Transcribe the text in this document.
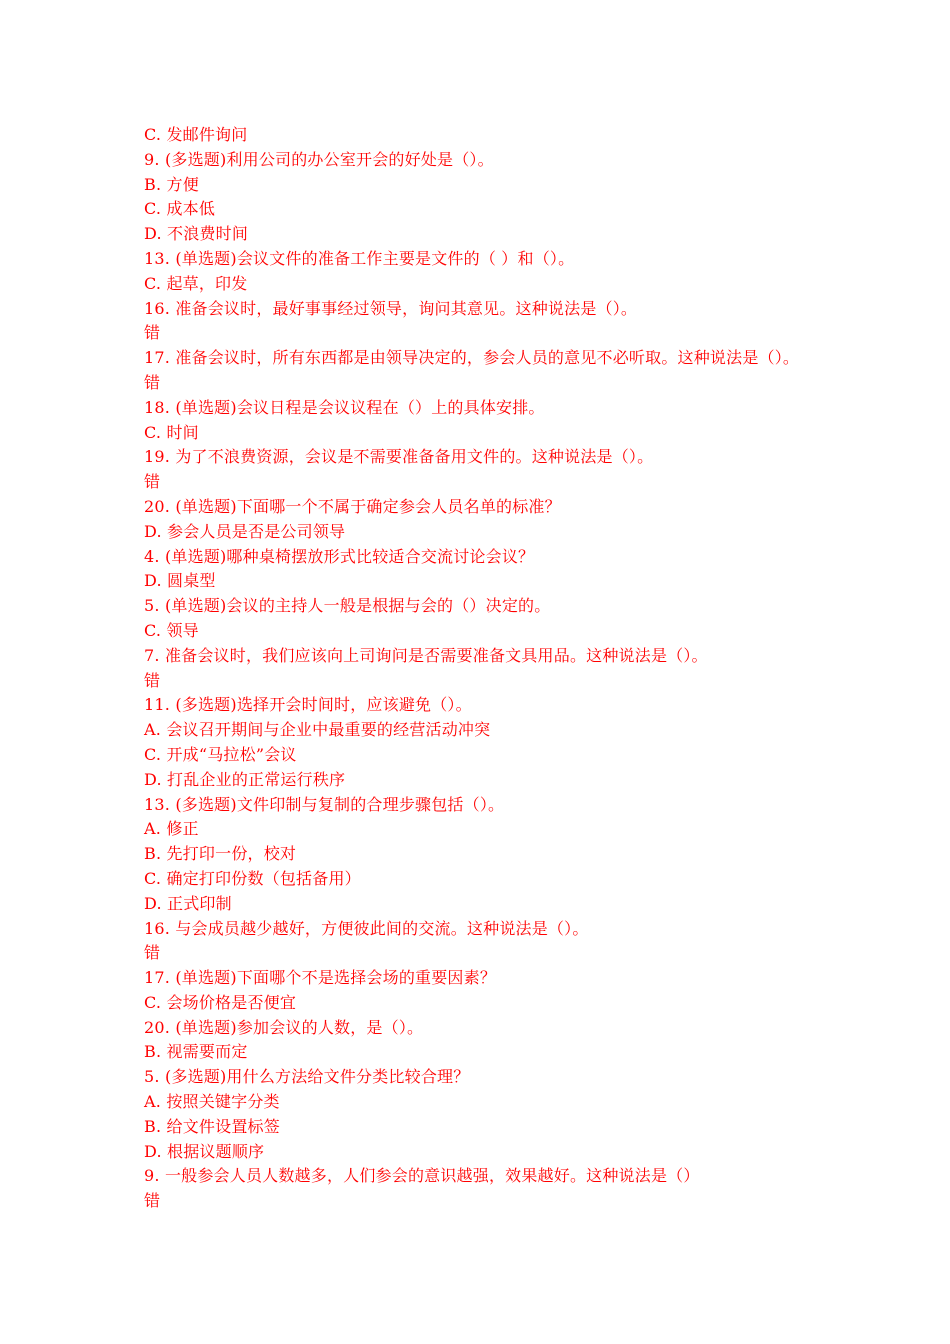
C. 发邮件询问
9. (多选题)利用公司的办公室开会的好处是（）。
B. 方便
C. 成本低
D. 不浪费时间
13. (单选题)会议文件的准备工作主要是文件的（ ）和（）。
C. 起草，印发
16. 准备会议时，最好事事经过领导，询问其意见。这种说法是（）。
错
17. 准备会议时，所有东西都是由领导决定的，参会人员的意见不必听取。这种说法是（）。
错
18. (单选题)会议日程是会议议程在（）上的具体安排。
C. 时间
19. 为了不浪费资源，会议是不需要准备备用文件的。这种说法是（）。
错
20. (单选题)下面哪一个不属于确定参会人员名单的标准？
D. 参会人员是否是公司领导
4. (单选题)哪种桌椅摆放形式比较适合交流讨论会议？
D. 圆桌型
5. (单选题)会议的主持人一般是根据与会的（）决定的。
C. 领导
7. 准备会议时，我们应该向上司询问是否需要准备文具用品。这种说法是（）。
错
11. (多选题)选择开会时间时，应该避免（）。
A. 会议召开期间与企业中最重要的经营活动冲突
C. 开成“马拉松”会议
D. 打乱企业的正常运行秩序
13. (多选题)文件印制与复制的合理步骤包括（）。
A. 修正
B. 先打印一份，校对
C. 确定打印份数（包括备用）
D. 正式印制
16. 与会成员越少越好，方便彼此间的交流。这种说法是（）。
错
17. (单选题)下面哪个不是选择会场的重要因素？
C. 会场价格是否便宜
20. (单选题)参加会议的人数，是（）。
B. 视需要而定
5. (多选题)用什么方法给文件分类比较合理？
A. 按照关键字分类
B. 给文件设置标签
D. 根据议题顺序
9. 一般参会人员人数越多，人们参会的意识越强，效果越好。这种说法是（）
错
